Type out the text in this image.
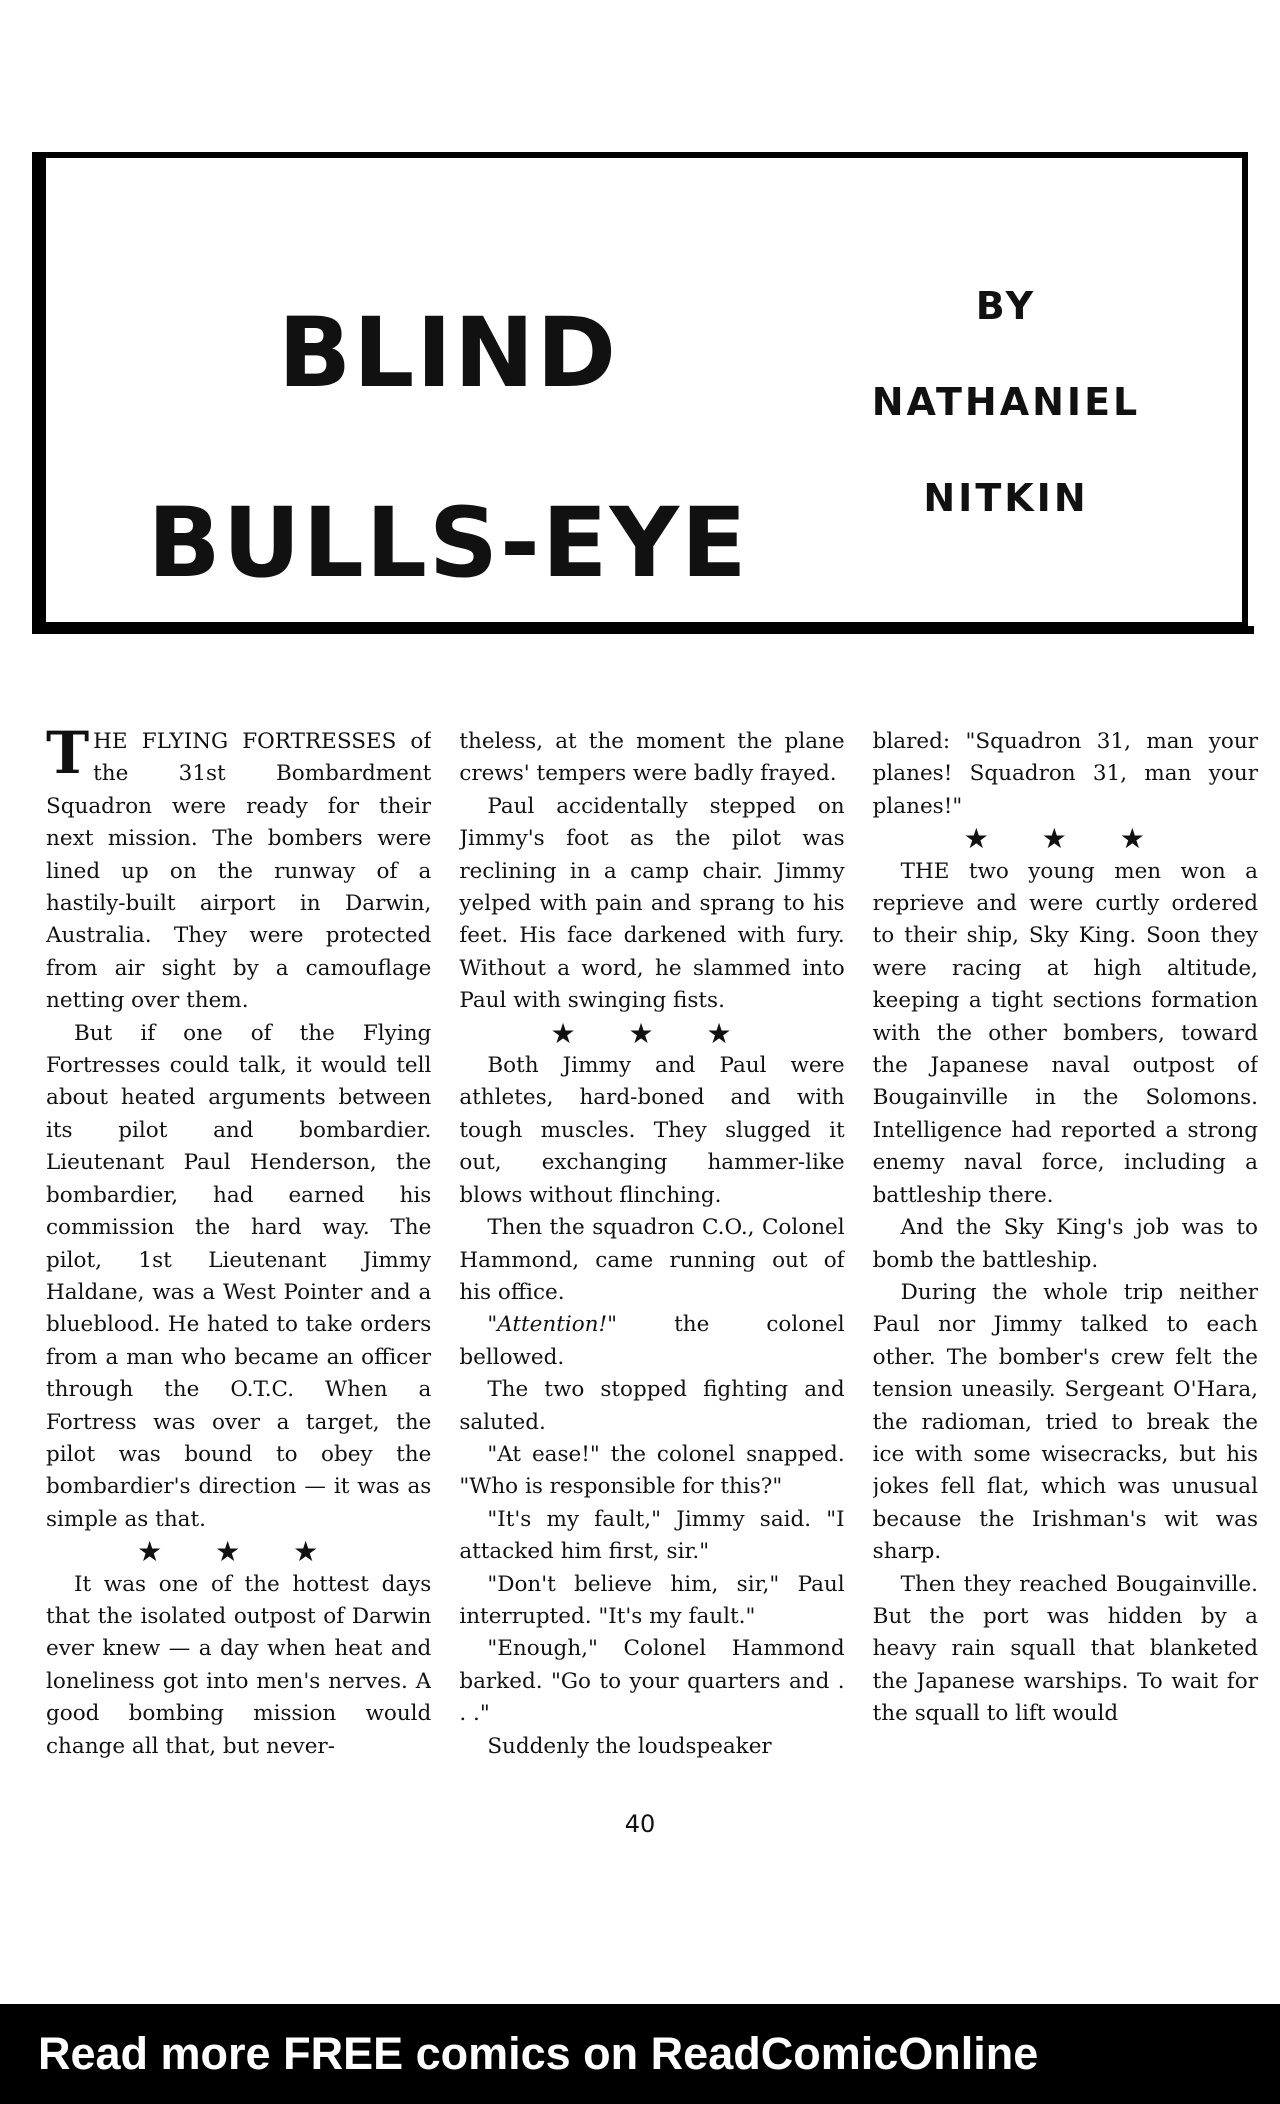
BLIND
BULLS-EYE
BY
NATHANIEL
NITKIN

THE FLYING FORTRESSES of the 31st Bombardment Squadron were ready for their next mission. The bombers were lined up on the runway of a hastily-built airport in Darwin, Australia. They were protected from air sight by a camouflage netting over them.

But if one of the Flying Fortresses could talk, it would tell about heated arguments between its pilot and bombardier. Lieutenant Paul Henderson, the bombardier, had earned his commission the hard way. The pilot, 1st Lieutenant Jimmy Haldane, was a West Pointer and a blueblood. He hated to take orders from a man who became an officer through the O.T.C. When a Fortress was over a target, the pilot was bound to obey the bombardier's direction — it was as simple as that.

★ ★ ★

It was one of the hottest days that the isolated outpost of Darwin ever knew — a day when heat and loneliness got into men's nerves. A good bombing mission would change all that, but never-

theless, at the moment the plane crews' tempers were badly frayed.

Paul accidentally stepped on Jimmy's foot as the pilot was reclining in a camp chair. Jimmy yelped with pain and sprang to his feet. His face darkened with fury. Without a word, he slammed into Paul with swinging fists.

★ ★ ★

Both Jimmy and Paul were athletes, hard-boned and with tough muscles. They slugged it out, exchanging hammer-like blows without flinching.

Then the squadron C.O., Colonel Hammond, came running out of his office.

"Attention!" the colonel bellowed.

The two stopped fighting and saluted.

"At ease!" the colonel snapped. "Who is responsible for this?"

"It's my fault," Jimmy said. "I attacked him first, sir."

"Don't believe him, sir," Paul interrupted. "It's my fault."

"Enough," Colonel Hammond barked. "Go to your quarters and . . ."

Suddenly the loudspeaker

blared: "Squadron 31, man your planes! Squadron 31, man your planes!"

★ ★ ★

THE two young men won a reprieve and were curtly ordered to their ship, Sky King. Soon they were racing at high altitude, keeping a tight sections formation with the other bombers, toward the Japanese naval outpost of Bougainville in the Solomons. Intelligence had reported a strong enemy naval force, including a battleship there.

And the Sky King's job was to bomb the battleship.

During the whole trip neither Paul nor Jimmy talked to each other. The bomber's crew felt the tension uneasily. Sergeant O'Hara, the radioman, tried to break the ice with some wisecracks, but his jokes fell flat, which was unusual because the Irishman's wit was sharp.

Then they reached Bougainville. But the port was hidden by a heavy rain squall that blanketed the Japanese warships. To wait for the squall to lift would

40
Read more FREE comics on ReadComicOnline
